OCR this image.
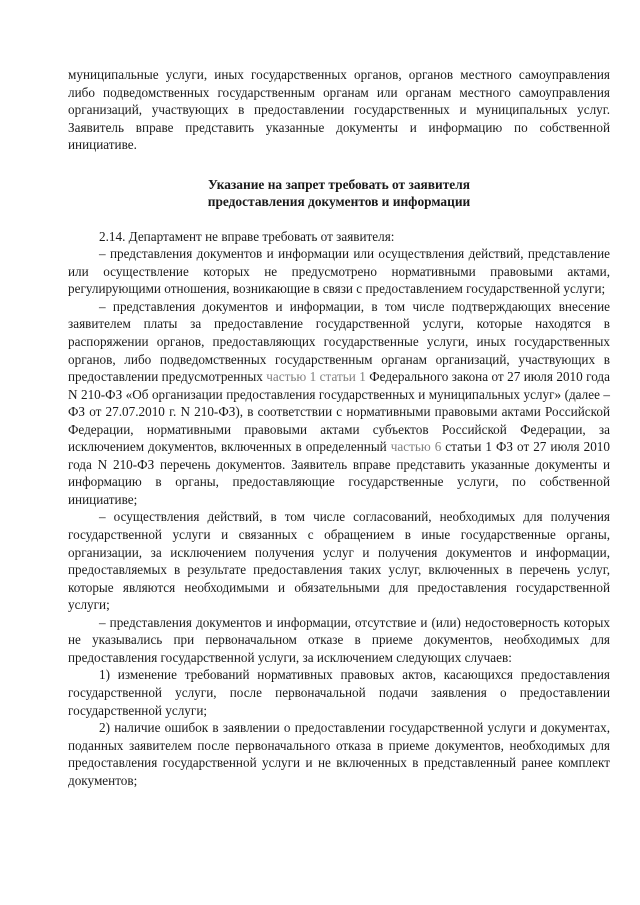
муниципальные услуги, иных государственных органов, органов местного самоуправления либо подведомственных государственным органам или органам местного самоуправления организаций, участвующих в предоставлении государственных и муниципальных услуг. Заявитель вправе представить указанные документы и информацию по собственной инициативе.

Указание на запрет требовать от заявителя
предоставления документов и информации

2.14. Департамент не вправе требовать от заявителя:

– представления документов и информации или осуществления действий, представление или осуществление которых не предусмотрено нормативными правовыми актами, регулирующими отношения, возникающие в связи с предоставлением государственной услуги;

– представления документов и информации, в том числе подтверждающих внесение заявителем платы за предоставление государственной услуги, которые находятся в распоряжении органов, предоставляющих государственные услуги, иных государственных органов, либо подведомственных государственным органам организаций, участвующих в предоставлении предусмотренных частью 1 статьи 1 Федерального закона от 27 июля 2010 года N 210-ФЗ «Об организации предоставления государственных и муниципальных услуг» (далее – ФЗ от 27.07.2010 г. N 210-ФЗ), в соответствии с нормативными правовыми актами Российской Федерации, нормативными правовыми актами субъектов Российской Федерации, за исключением документов, включенных в определенный частью 6 статьи 1 ФЗ от 27 июля 2010 года N 210-ФЗ перечень документов. Заявитель вправе представить указанные документы и информацию в органы, предоставляющие государственные услуги, по собственной инициативе;

– осуществления действий, в том числе согласований, необходимых для получения государственной услуги и связанных с обращением в иные государственные органы, организации, за исключением получения услуг и получения документов и информации, предоставляемых в результате предоставления таких услуг, включенных в перечень услуг, которые являются необходимыми и обязательными для предоставления государственной услуги;

– представления документов и информации, отсутствие и (или) недостоверность которых не указывались при первоначальном отказе в приеме документов, необходимых для предоставления государственной услуги, за исключением следующих случаев:

1) изменение требований нормативных правовых актов, касающихся предоставления государственной услуги, после первоначальной подачи заявления о предоставлении государственной услуги;

2) наличие ошибок в заявлении о предоставлении государственной услуги и документах, поданных заявителем после первоначального отказа в приеме документов, необходимых для предоставления государственной услуги и не включенных в представленный ранее комплект документов;
